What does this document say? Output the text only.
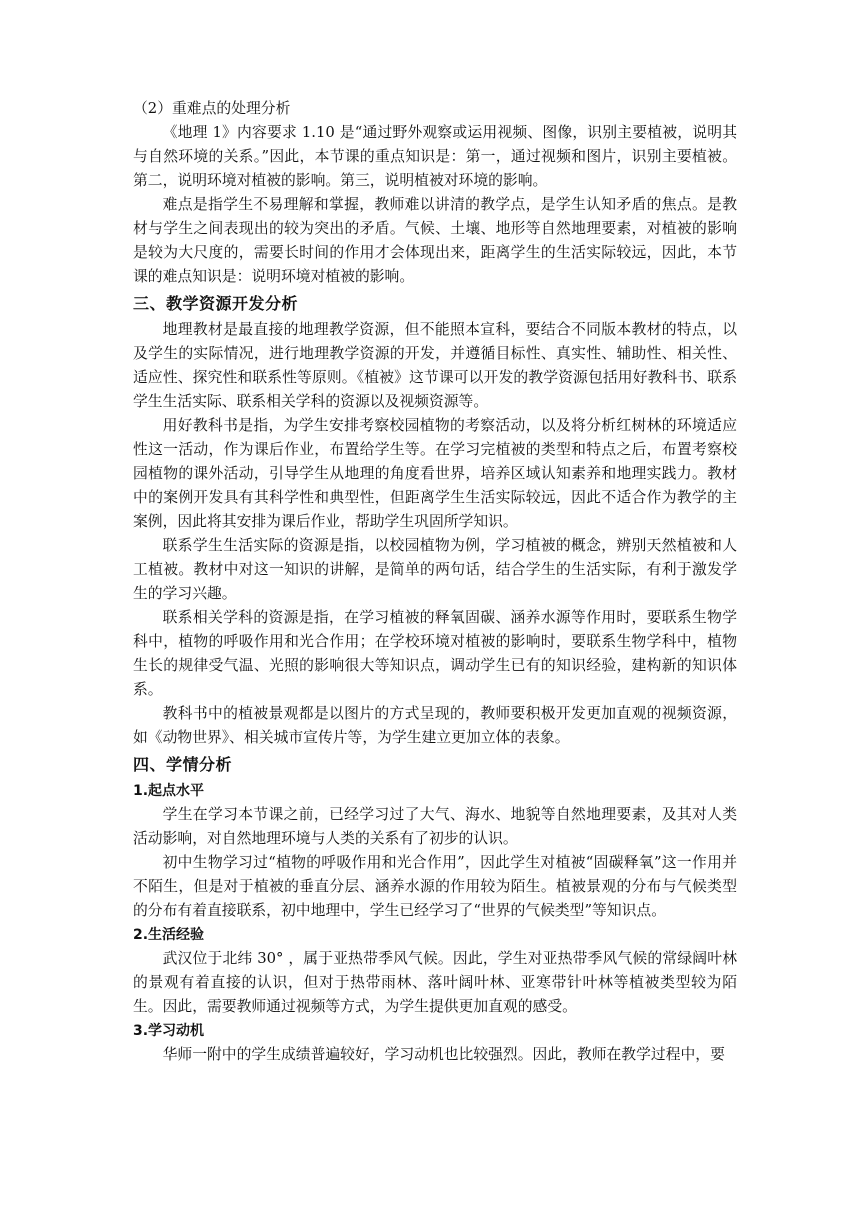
（2）重难点的处理分析

《地理 1》内容要求 1.10 是“通过野外观察或运用视频、图像，识别主要植被，说明其与自然环境的关系。”因此，本节课的重点知识是：第一，通过视频和图片，识别主要植被。第二，说明环境对植被的影响。第三，说明植被对环境的影响。

难点是指学生不易理解和掌握，教师难以讲清的教学点，是学生认知矛盾的焦点。是教材与学生之间表现出的较为突出的矛盾。气候、土壤、地形等自然地理要素，对植被的影响是较为大尺度的，需要长时间的作用才会体现出来，距离学生的生活实际较远，因此，本节课的难点知识是：说明环境对植被的影响。

三、教学资源开发分析

地理教材是最直接的地理教学资源，但不能照本宣科，要结合不同版本教材的特点，以及学生的实际情况，进行地理教学资源的开发，并遵循目标性、真实性、辅助性、相关性、适应性、探究性和联系性等原则。《植被》这节课可以开发的教学资源包括用好教科书、联系学生生活实际、联系相关学科的资源以及视频资源等。

用好教科书是指，为学生安排考察校园植物的考察活动，以及将分析红树林的环境适应性这一活动，作为课后作业，布置给学生等。在学习完植被的类型和特点之后，布置考察校园植物的课外活动，引导学生从地理的角度看世界，培养区域认知素养和地理实践力。教材中的案例开发具有其科学性和典型性，但距离学生生活实际较远，因此不适合作为教学的主案例，因此将其安排为课后作业，帮助学生巩固所学知识。

联系学生生活实际的资源是指，以校园植物为例，学习植被的概念，辨别天然植被和人工植被。教材中对这一知识的讲解，是简单的两句话，结合学生的生活实际，有利于激发学生的学习兴趣。

联系相关学科的资源是指，在学习植被的释氧固碳、涵养水源等作用时，要联系生物学科中，植物的呼吸作用和光合作用；在学校环境对植被的影响时，要联系生物学科中，植物生长的规律受气温、光照的影响很大等知识点，调动学生已有的知识经验，建构新的知识体系。

教科书中的植被景观都是以图片的方式呈现的，教师要积极开发更加直观的视频资源，如《动物世界》、相关城市宣传片等，为学生建立更加立体的表象。

四、学情分析

1.起点水平

学生在学习本节课之前，已经学习过了大气、海水、地貌等自然地理要素，及其对人类活动影响，对自然地理环境与人类的关系有了初步的认识。

初中生物学习过“植物的呼吸作用和光合作用”，因此学生对植被“固碳释氧”这一作用并不陌生，但是对于植被的垂直分层、涵养水源的作用较为陌生。植被景观的分布与气候类型的分布有着直接联系，初中地理中，学生已经学习了“世界的气候类型”等知识点。

2.生活经验

武汉位于北纬 30° ，属于亚热带季风气候。因此，学生对亚热带季风气候的常绿阔叶林的景观有着直接的认识，但对于热带雨林、落叶阔叶林、亚寒带针叶林等植被类型较为陌生。因此，需要教师通过视频等方式，为学生提供更加直观的感受。

3.学习动机

华师一附中的学生成绩普遍较好，学习动机也比较强烈。因此，教师在教学过程中，要
